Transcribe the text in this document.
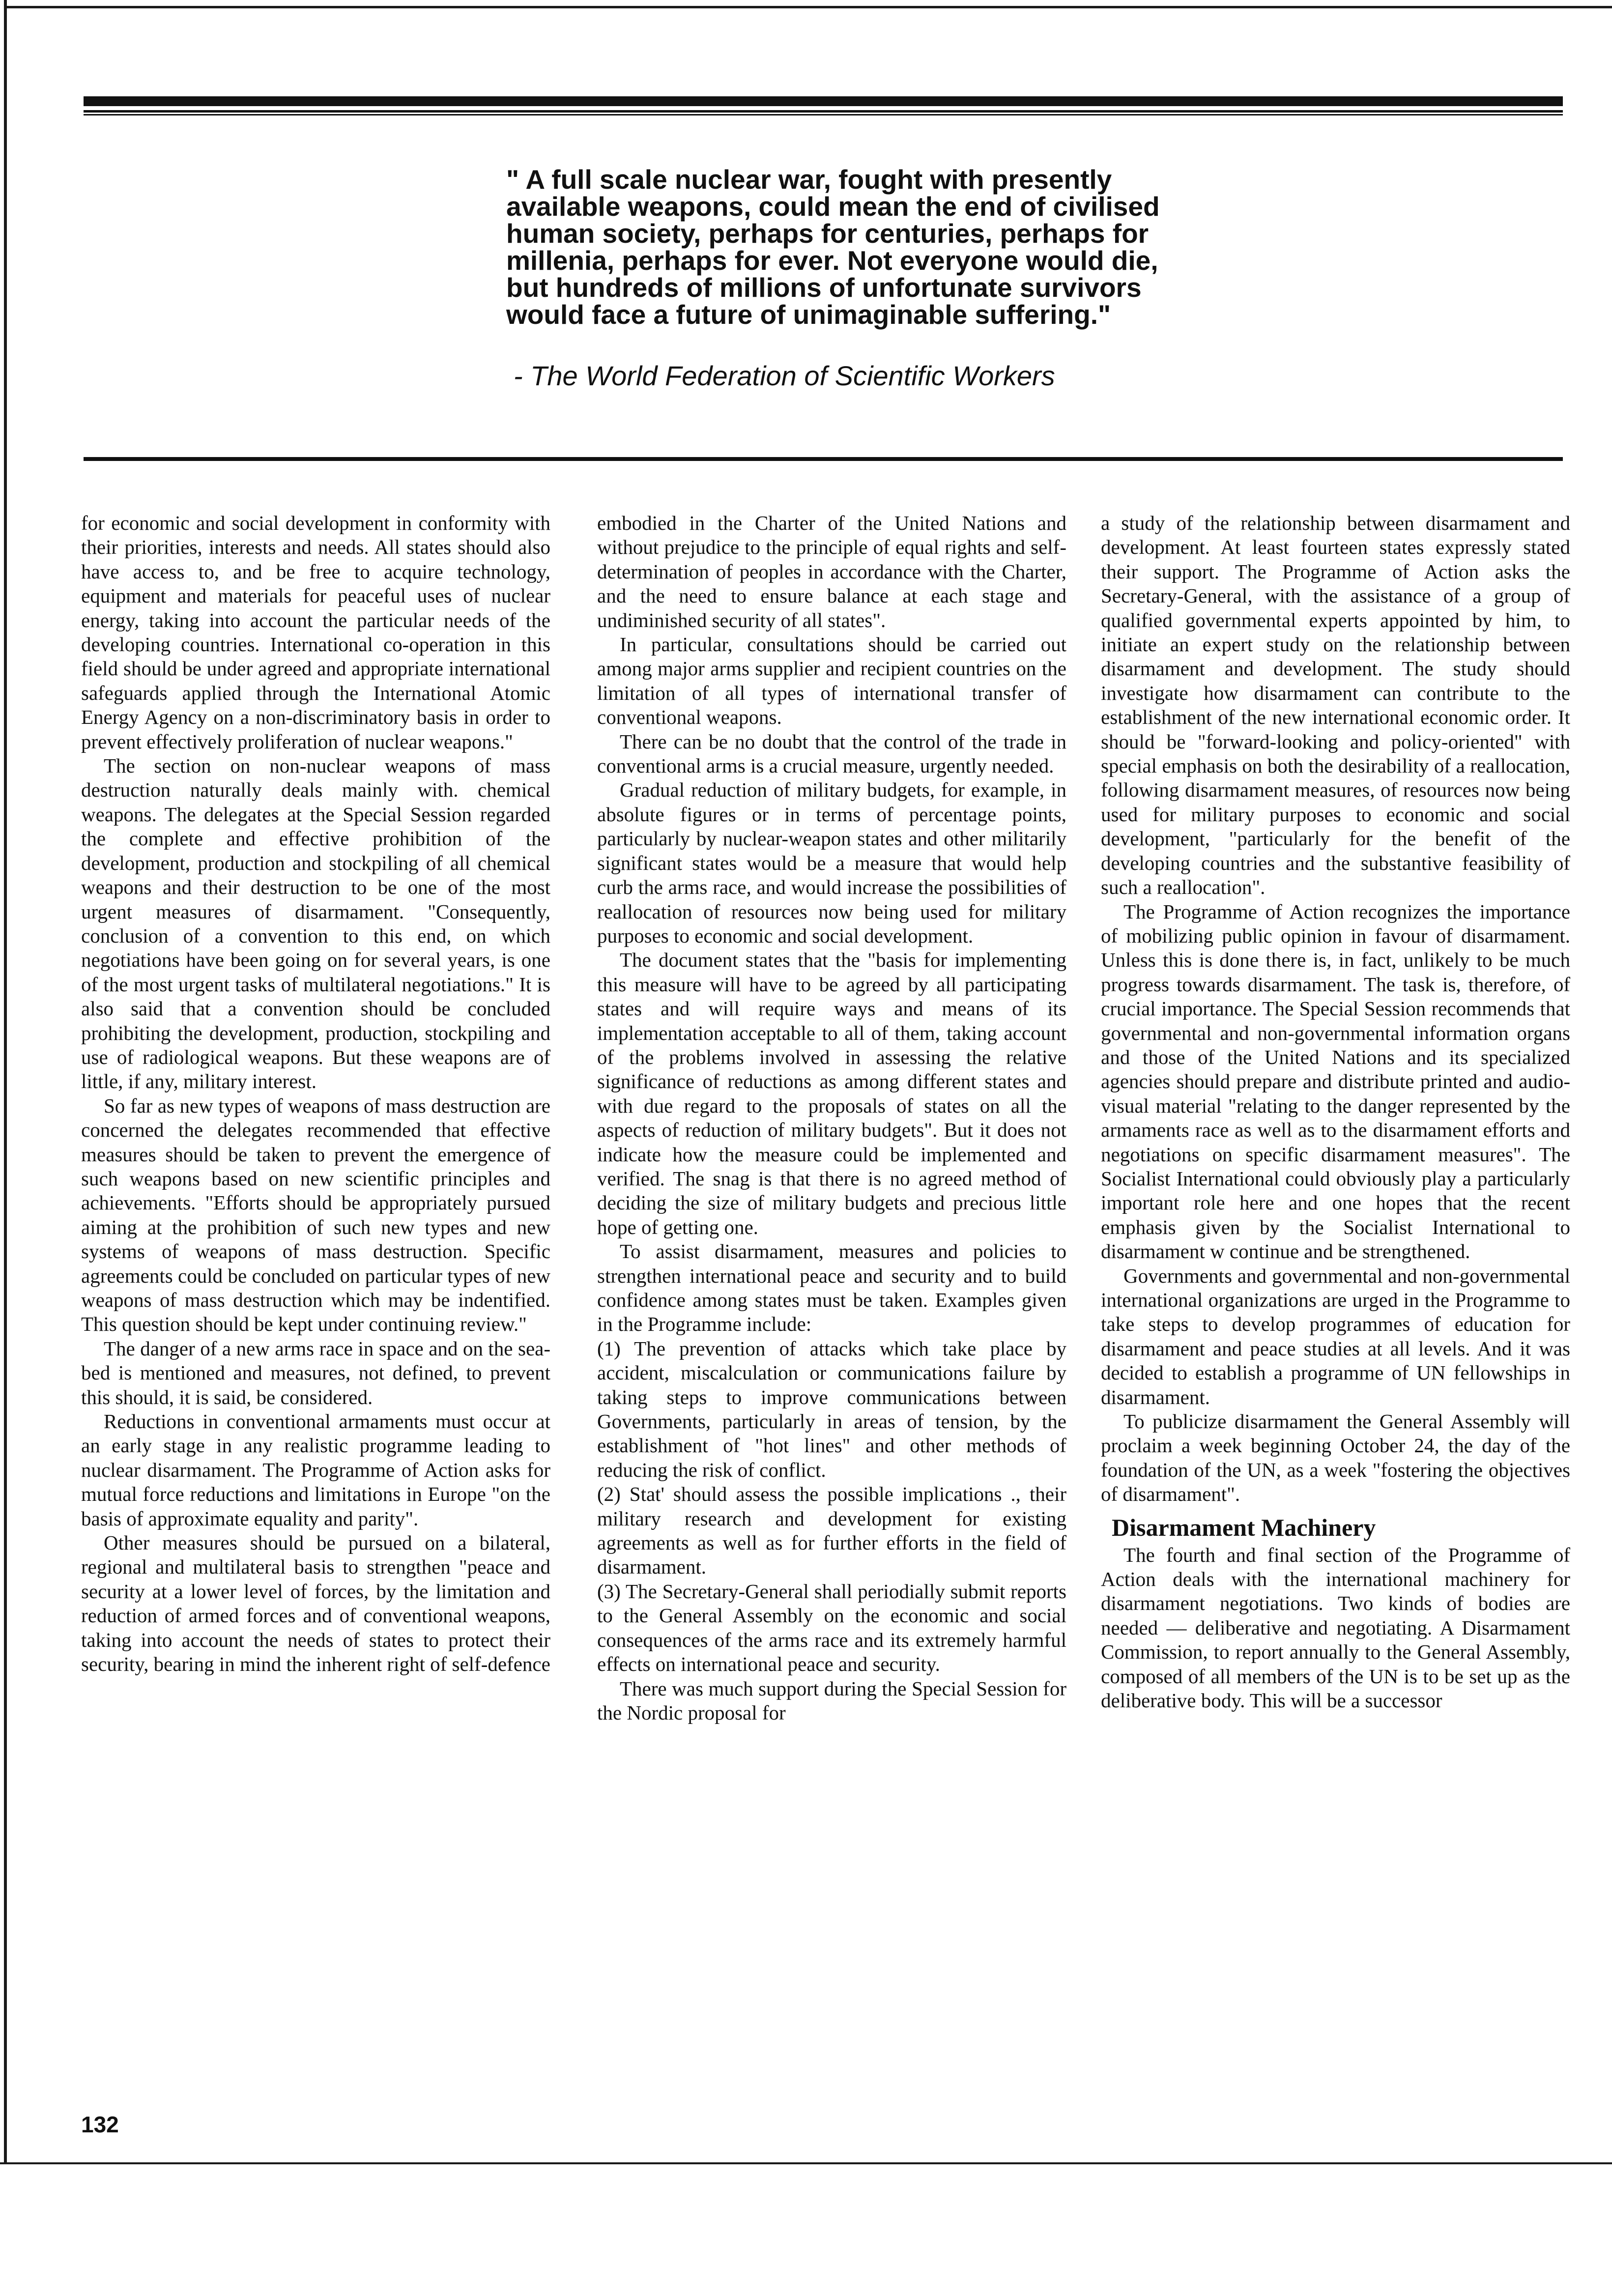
" A full scale nuclear war, fought with presently available weapons, could mean the end of civilised human society, perhaps for centuries, perhaps for millenia, perhaps for ever. Not everyone would die, but hundreds of millions of unfortunate survivors would face a future of unimaginable suffering."
- The World Federation of Scientific Workers

for economic and social development in conformity with their priorities, interests and needs. All states should also have access to, and be free to acquire technology, equipment and materials for peaceful uses of nuclear energy, taking into account the particular needs of the developing countries. International co-operation in this field should be under agreed and appropriate international safeguards applied through the International Atomic Energy Agency on a non-discriminatory basis in order to prevent effectively proliferation of nuclear weapons."

The section on non-nuclear weapons of mass destruction naturally deals mainly with. chemical weapons. The delegates at the Special Session regarded the complete and effective prohibition of the development, production and stockpiling of all chemical weapons and their destruction to be one of the most urgent measures of disarmament. "Consequently, conclusion of a convention to this end, on which negotiations have been going on for several years, is one of the most urgent tasks of multilateral negotiations." It is also said that a convention should be concluded prohibiting the development, production, stockpiling and use of radiological weapons. But these weapons are of little, if any, military interest.

So far as new types of weapons of mass destruction are concerned the delegates recommended that effective measures should be taken to prevent the emergence of such weapons based on new scientific principles and achievements. "Efforts should be appropriately pursued aiming at the prohibition of such new types and new systems of weapons of mass destruction. Specific agreements could be concluded on particular types of new weapons of mass destruction which may be indentified. This question should be kept under continuing review."

The danger of a new arms race in space and on the sea-bed is mentioned and measures, not defined, to prevent this should, it is said, be considered.

Reductions in conventional armaments must occur at an early stage in any realistic programme leading to nuclear disarmament. The Programme of Action asks for mutual force reductions and limitations in Europe "on the basis of approximate equality and parity".

Other measures should be pursued on a bilateral, regional and multilateral basis to strengthen "peace and security at a lower level of forces, by the limitation and reduction of armed forces and of conventional weapons, taking into account the needs of states to protect their security, bearing in mind the inherent right of self-defence

embodied in the Charter of the United Nations and without prejudice to the principle of equal rights and self-determination of peoples in accordance with the Charter, and the need to ensure balance at each stage and undiminished security of all states".

In particular, consultations should be carried out among major arms supplier and recipient countries on the limitation of all types of international transfer of conventional weapons.

There can be no doubt that the control of the trade in conventional arms is a crucial measure, urgently needed.

Gradual reduction of military budgets, for example, in absolute figures or in terms of percentage points, particularly by nuclear-weapon states and other militarily significant states would be a measure that would help curb the arms race, and would increase the possibilities of reallocation of resources now being used for military purposes to economic and social development.

The document states that the "basis for implementing this measure will have to be agreed by all participating states and will require ways and means of its implementation acceptable to all of them, taking account of the problems involved in assessing the relative significance of reductions as among different states and with due regard to the proposals of states on all the aspects of reduction of military budgets". But it does not indicate how the measure could be implemented and verified. The snag is that there is no agreed method of deciding the size of military budgets and precious little hope of getting one.

To assist disarmament, measures and policies to strengthen international peace and security and to build confidence among states must be taken. Examples given in the Programme include:

(1) The prevention of attacks which take place by accident, miscalculation or communications failure by taking steps to improve communications between Governments, particularly in areas of tension, by the establishment of "hot lines" and other methods of reducing the risk of conflict.

(2) Stat' should assess the possible implications ., their military research and development for existing agreements as well as for further efforts in the field of disarmament.

(3) The Secretary-General shall periodially submit reports to the General Assembly on the economic and social consequences of the arms race and its extremely harmful effects on international peace and security.

There was much support during the Special Session for the Nordic proposal for

a study of the relationship between disarmament and development. At least fourteen states expressly stated their support. The Programme of Action asks the Secretary-General, with the assistance of a group of qualified governmental experts appointed by him, to initiate an expert study on the relationship between disarmament and development. The study should investigate how disarmament can contribute to the establishment of the new international economic order. It should be "forward-looking and policy-oriented" with special emphasis on both the desirability of a reallocation, following disarmament measures, of resources now being used for military purposes to economic and social development, "particularly for the benefit of the developing countries and the substantive feasibility of such a reallocation".

The Programme of Action recognizes the importance of mobilizing public opinion in favour of disarmament. Unless this is done there is, in fact, unlikely to be much progress towards disarmament. The task is, therefore, of crucial importance. The Special Session recommends that governmental and non-governmental information organs and those of the United Nations and its specialized agencies should prepare and distribute printed and audio-visual material "relating to the danger represented by the armaments race as well as to the disarmament efforts and negotiations on specific disarmament measures". The Socialist International could obviously play a particularly important role here and one hopes that the recent emphasis given by the Socialist International to disarmament w continue and be strengthened.

Governments and governmental and non-governmental international organizations are urged in the Programme to take steps to develop programmes of education for disarmament and peace studies at all levels. And it was decided to establish a programme of UN fellowships in disarmament.

To publicize disarmament the General Assembly will proclaim a week beginning October 24, the day of the foundation of the UN, as a week "fostering the objectives of disarmament".

Disarmament Machinery

The fourth and final section of the Programme of Action deals with the international machinery for disarmament negotiations. Two kinds of bodies are needed — deliberative and negotiating. A Disarmament Commission, to report annually to the General Assembly, composed of all members of the UN is to be set up as the deliberative body. This will be a successor

132
